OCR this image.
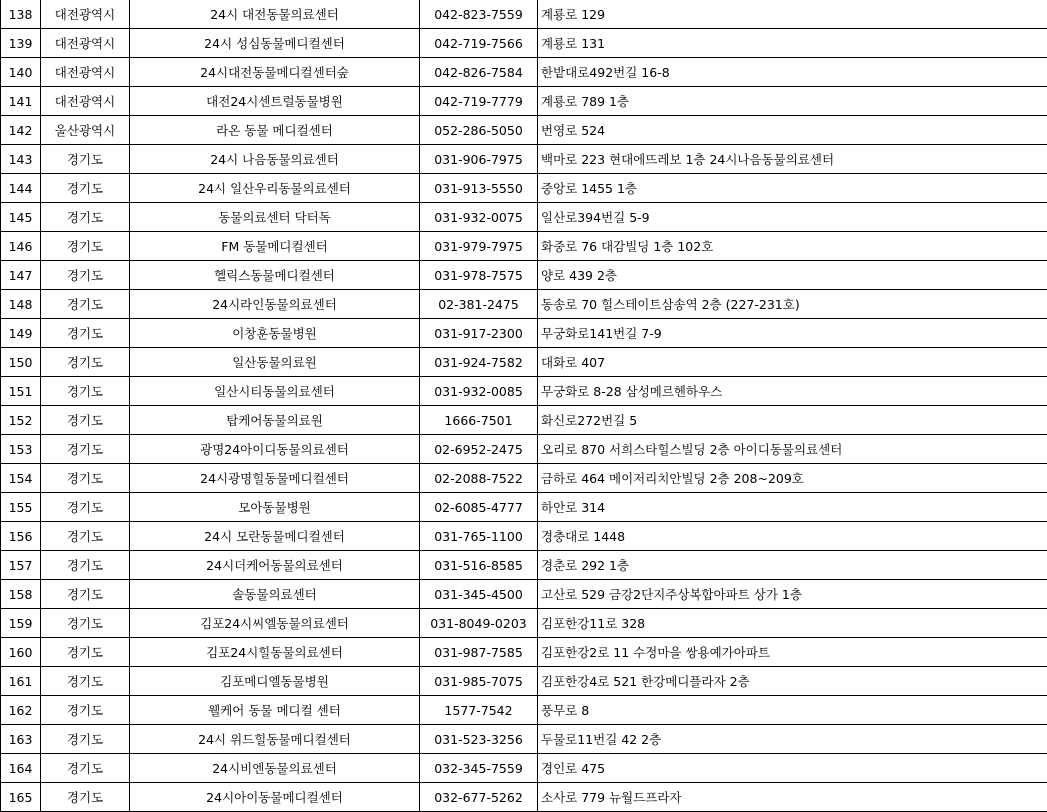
138	대전광역시	24시 대전동물의료센터	042-823-7559	계룡로 129
139	대전광역시	24시 성심동물메디컬센터	042-719-7566	계룡로 131
140	대전광역시	24시대전동물메디컬센터숲	042-826-7584	한밭대로492번길 16-8
141	대전광역시	대전24시센트럴동물병원	042-719-7779	계룡로 789 1층
142	울산광역시	라온 동물 메디컬센터	052-286-5050	번영로 524
143	경기도	24시 나음동물의료센터	031-906-7975	백마로 223 현대에뜨레보 1층 24시나음동물의료센터
144	경기도	24시 일산우리동물의료센터	031-913-5550	중앙로 1455 1층
145	경기도	동물의료센터 닥터독	031-932-0075	일산로394번길 5-9
146	경기도	FM 동물메디컬센터	031-979-7975	화중로 76 대감빌딩 1층 102호
147	경기도	헬릭스동물메디컬센터	031-978-7575	양로 439 2층
148	경기도	24시라인동물의료센터	02-381-2475	동송로 70 힐스테이트삼송역 2층 (227-231호)
149	경기도	이창훈동물병원	031-917-2300	무궁화로141번길 7-9
150	경기도	일산동물의료원	031-924-7582	대화로 407
151	경기도	일산시티동물의료센터	031-932-0085	무궁화로 8-28 삼성메르헨하우스
152	경기도	탑케어동물의료원	1666-7501	화신로272번길 5
153	경기도	광명24아이디동물의료센터	02-6952-2475	오리로 870 서희스타힐스빌딩 2층 아이디동물의료센터
154	경기도	24시광명힐동물메디컬센터	02-2088-7522	금하로 464 메이저리치안빌딩 2층 208~209호
155	경기도	모아동물병원	02-6085-4777	하안로 314
156	경기도	24시 모란동물메디컬센터	031-765-1100	경충대로 1448
157	경기도	24시더케어동물의료센터	031-516-8585	경춘로 292 1층
158	경기도	솔동물의료센터	031-345-4500	고산로 529 금강2단지주상복합아파트 상가 1층
159	경기도	김포24시씨엘동물의료센터	031-8049-0203	김포한강11로 328
160	경기도	김포24시힐동물의료센터	031-987-7585	김포한강2로 11 수정마을 쌍용예가아파트
161	경기도	김포메디엘동물병원	031-985-7075	김포한강4로 521 한강메디플라자 2층
162	경기도	웰케어 동물 메디컬 센터	1577-7542	풍무로 8
163	경기도	24시 위드힐동물메디컬센터	031-523-3256	두물로11번길 42 2층
164	경기도	24시비엔동물의료센터	032-345-7559	경인로 475
165	경기도	24시아이동물메디컬센터	032-677-5262	소사로 779 뉴월드프라자
